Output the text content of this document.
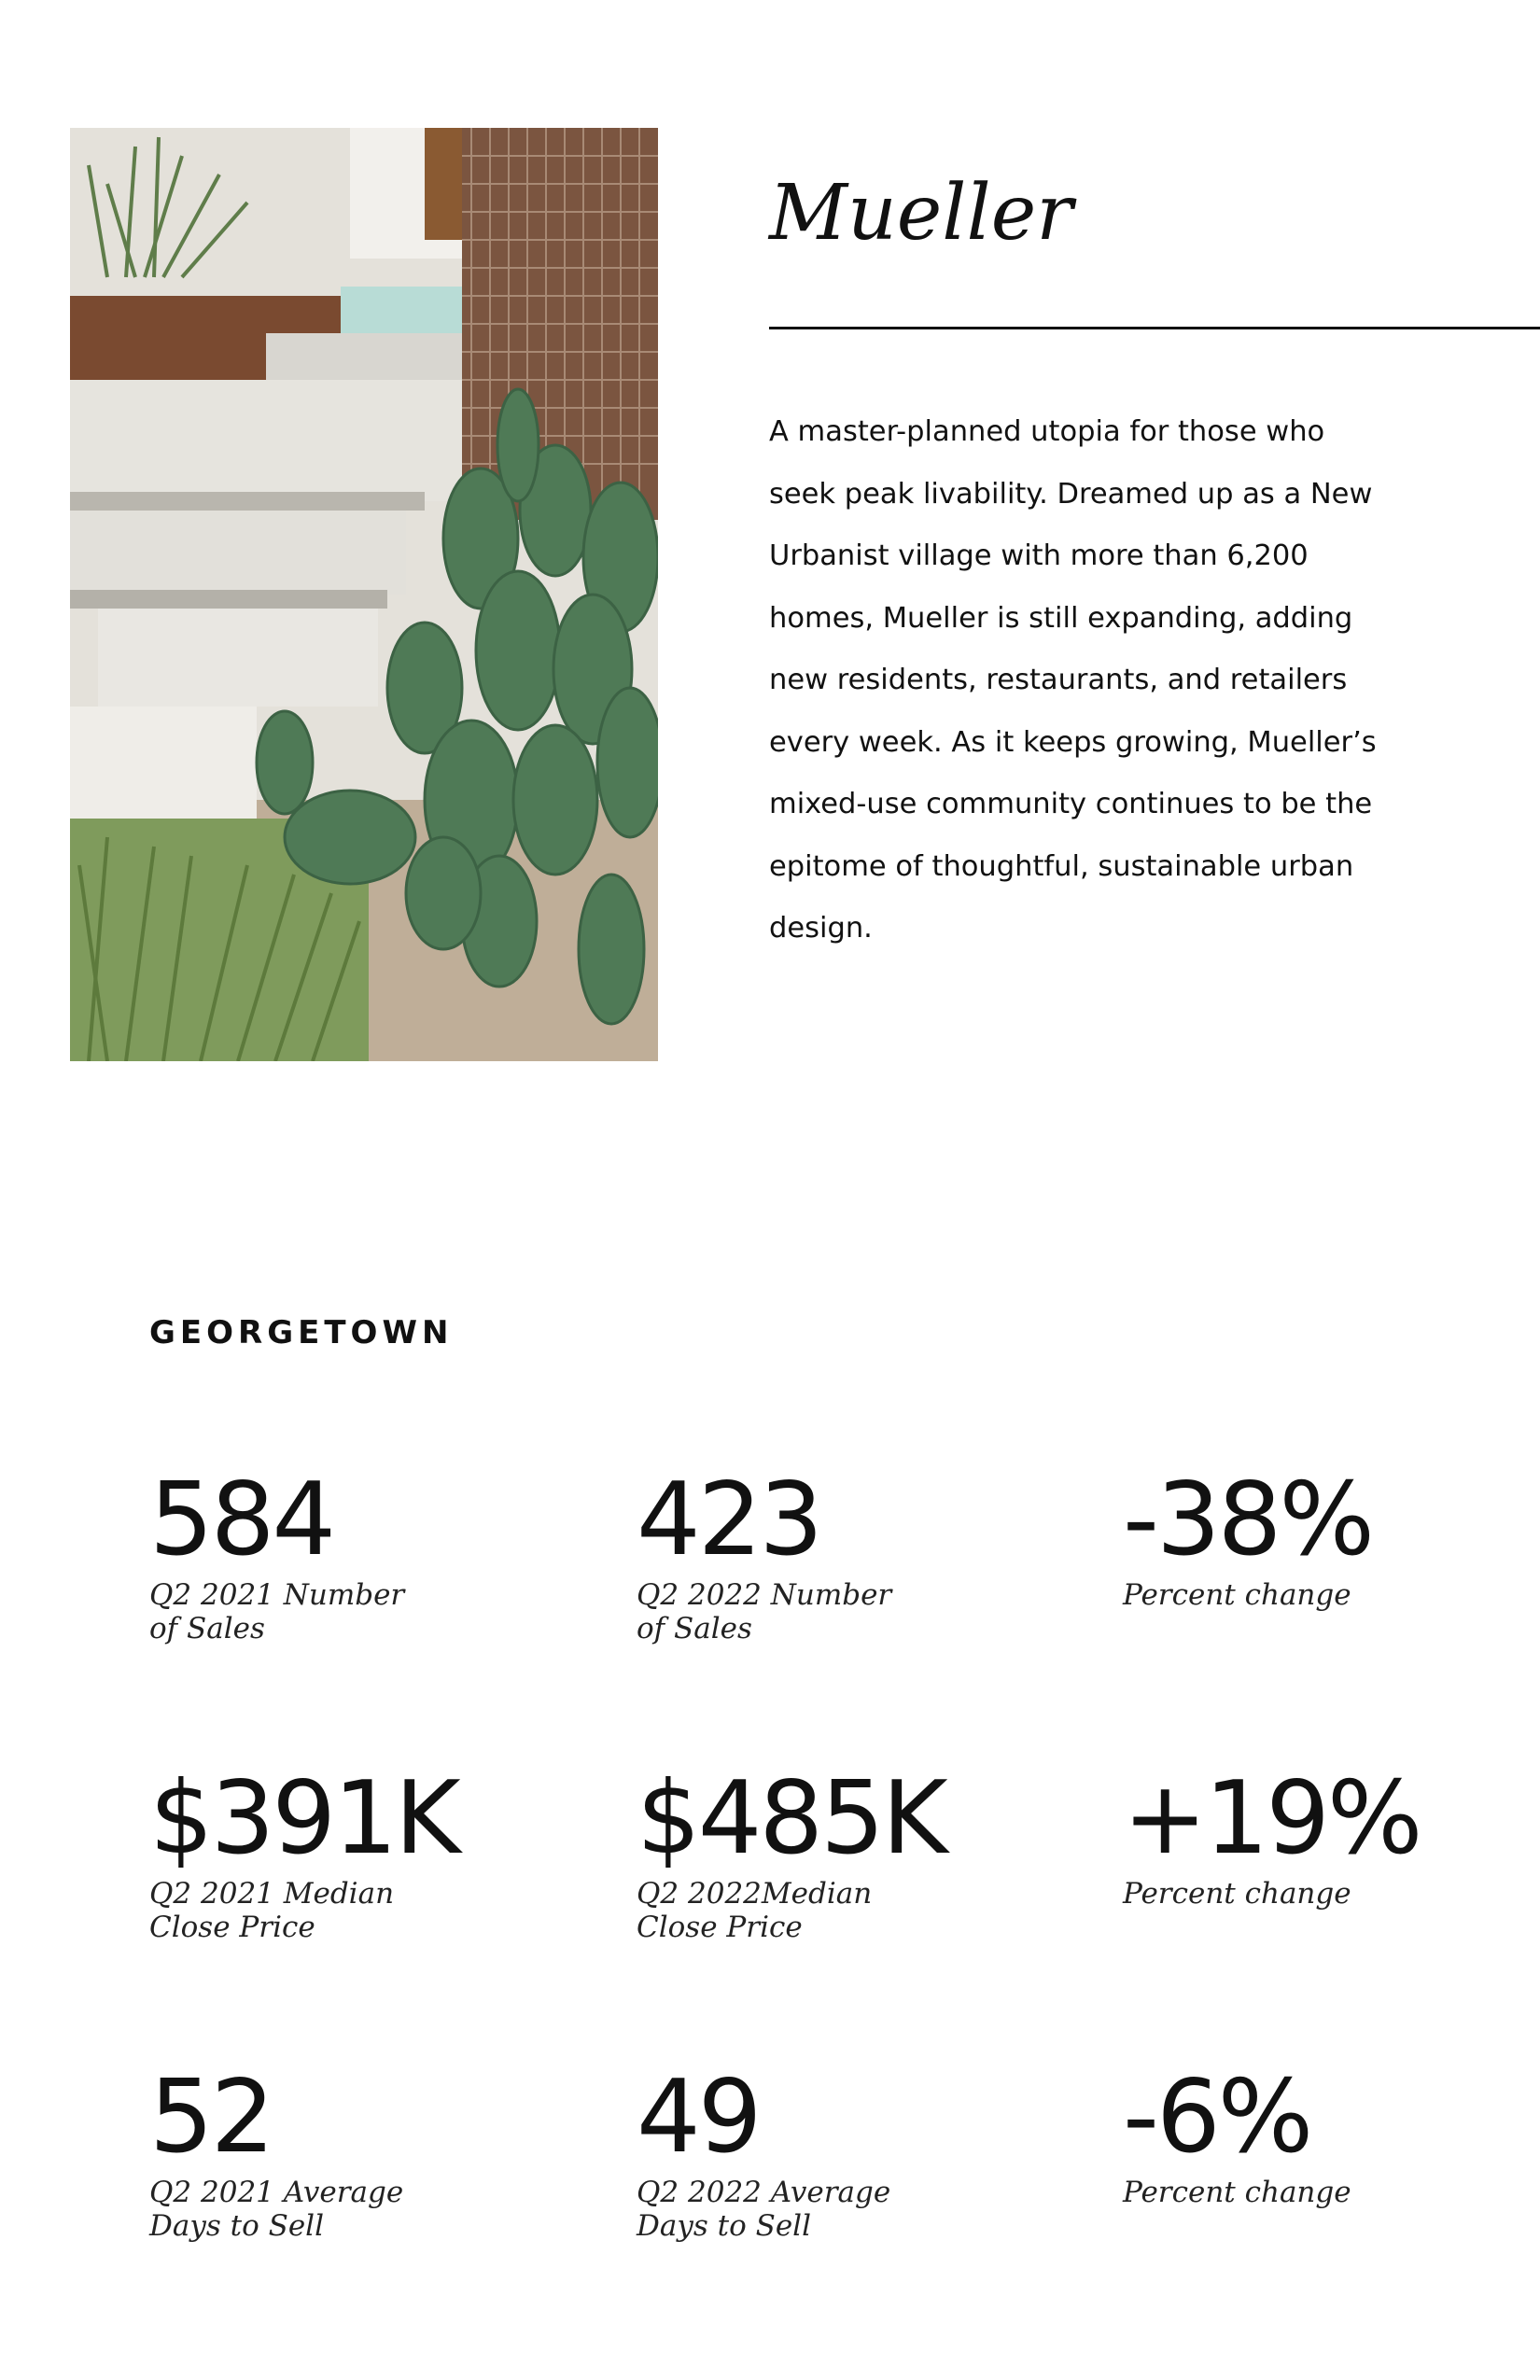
Mueller

A master-planned utopia for those who seek peak livability. Dreamed up as a New Urbanist village with more than 6,200 homes, Mueller is still expanding, adding new residents, restaurants, and retailers every week. As it keeps growing, Mueller’s mixed-use community continues to be the epitome of thoughtful, sustainable urban design.

GEORGETOWN
584
Q2 2021 Number of Sales
423
Q2 2022 Number of Sales
-38%
Percent change
$391K
Q2 2021 Median Close Price
$485K
Q2 2022Median Close Price
+19%
Percent change
52
Q2 2021 Average Days to Sell
49
Q2 2022 Average Days to Sell
-6%
Percent change
